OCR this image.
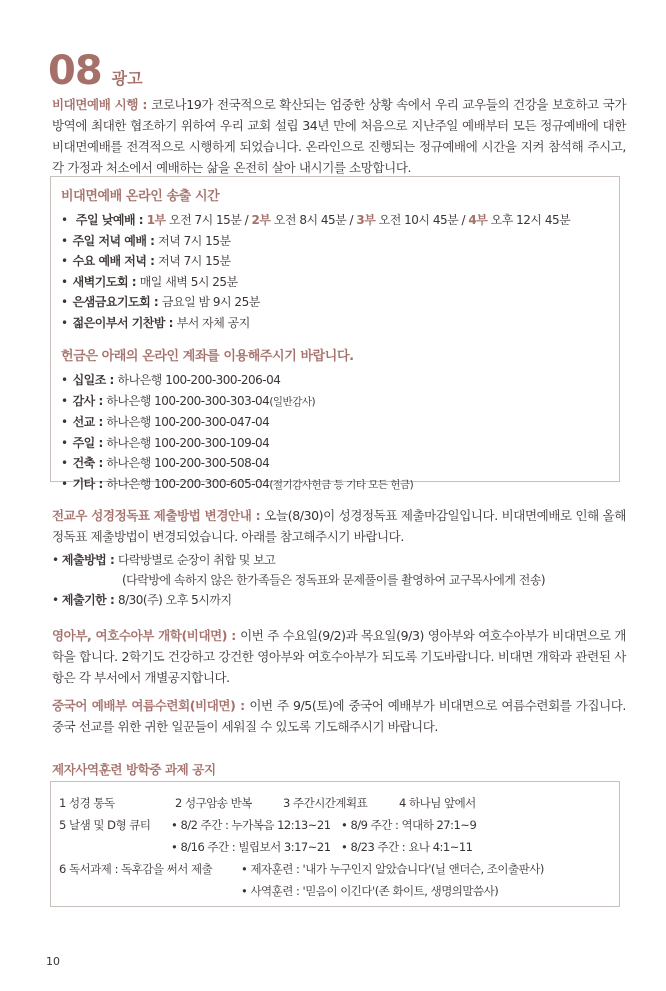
08 광고
비대면예배 시행 : 코로나19가 전국적으로 확산되는 엄중한 상황 속에서 우리 교우들의 건강을 보호하고 국가방역에 최대한 협조하기 위하여 우리 교회 설립 34년 만에 처음으로 지난주일 예배부터 모든 정규예배에 대한 비대면예배를 전격적으로 시행하게 되었습니다. 온라인으로 진행되는 정규예배에 시간을 지켜 참석해 주시고, 각 가정과 처소에서 예배하는 삶을 온전히 살아 내시기를 소망합니다.
비대면예배 온라인 송출 시간
• 주일 낮예배 : 1부 오전 7시 15분 / 2부 오전 8시 45분 / 3부 오전 10시 45분 / 4부 오후 12시 45분
• 주일 저녁 예배 : 저녁 7시 15분
• 수요 예배 저녁 : 저녁 7시 15분
• 새벽기도회 : 매일 새벽 5시 25분
• 은샘금요기도회 : 금요일 밤 9시 25분
• 젊은이부서 기찬밤 : 부서 자체 공지
헌금은 아래의 온라인 계좌를 이용해주시기 바랍니다.
• 십일조 : 하나은행 100-200-300-206-04
• 감사 : 하나은행 100-200-300-303-04(일반감사)
• 선교 : 하나은행 100-200-300-047-04
• 주일 : 하나은행 100-200-300-109-04
• 건축 : 하나은행 100-200-300-508-04
• 기타 : 하나은행 100-200-300-605-04(절기감사헌금 등 기타 모든 헌금)
전교우 성경정독표 제출방법 변경안내 : 오늘(8/30)이 성경정독표 제출마감일입니다. 비대면예배로 인해 올해 정독표 제출방법이 변경되었습니다. 아래를 참고해주시기 바랍니다.
• 제출방법 : 다락방별로 순장이 취합 및 보고
(다락방에 속하지 않은 한가족들은 정독표와 문제풀이를 촬영하여 교구목사에게 전송)
• 제출기한 : 8/30(주) 오후 5시까지
영아부, 여호수아부 개학(비대면) : 이번 주 수요일(9/2)과 목요일(9/3) 영아부와 여호수아부가 비대면으로 개학을 합니다. 2학기도 건강하고 강건한 영아부와 여호수아부가 되도록 기도바랍니다. 비대면 개학과 관련된 사항은 각 부서에서 개별공지합니다.
중국어 예배부 여름수련회(비대면) : 이번 주 9/5(토)에 중국어 예배부가 비대면으로 여름수련회를 가집니다. 중국 선교를 위한 귀한 일꾼들이 세워질 수 있도록 기도해주시기 바랍니다.
제자사역훈련 방학중 과제 공지
1 성경 통독	2 성구암송 반복	3 주간시간계획표	4 하나님 앞에서
5 날샘 및 D형 큐티 • 8/2 주간 : 누가복음 12:13~21 • 8/9 주간 : 역대하 27:1~9
• 8/16 주간 : 빌립보서 3:17~21 • 8/23 주간 : 요나 4:1~11
6 독서과제 : 독후감을 써서 제출 • 제자훈련 : '내가 누구인지 알았습니다'(닐 앤더슨, 조이출판사)
• 사역훈련 : '믿음이 이긴다'(존 화이트, 생명의말씀사)
10
